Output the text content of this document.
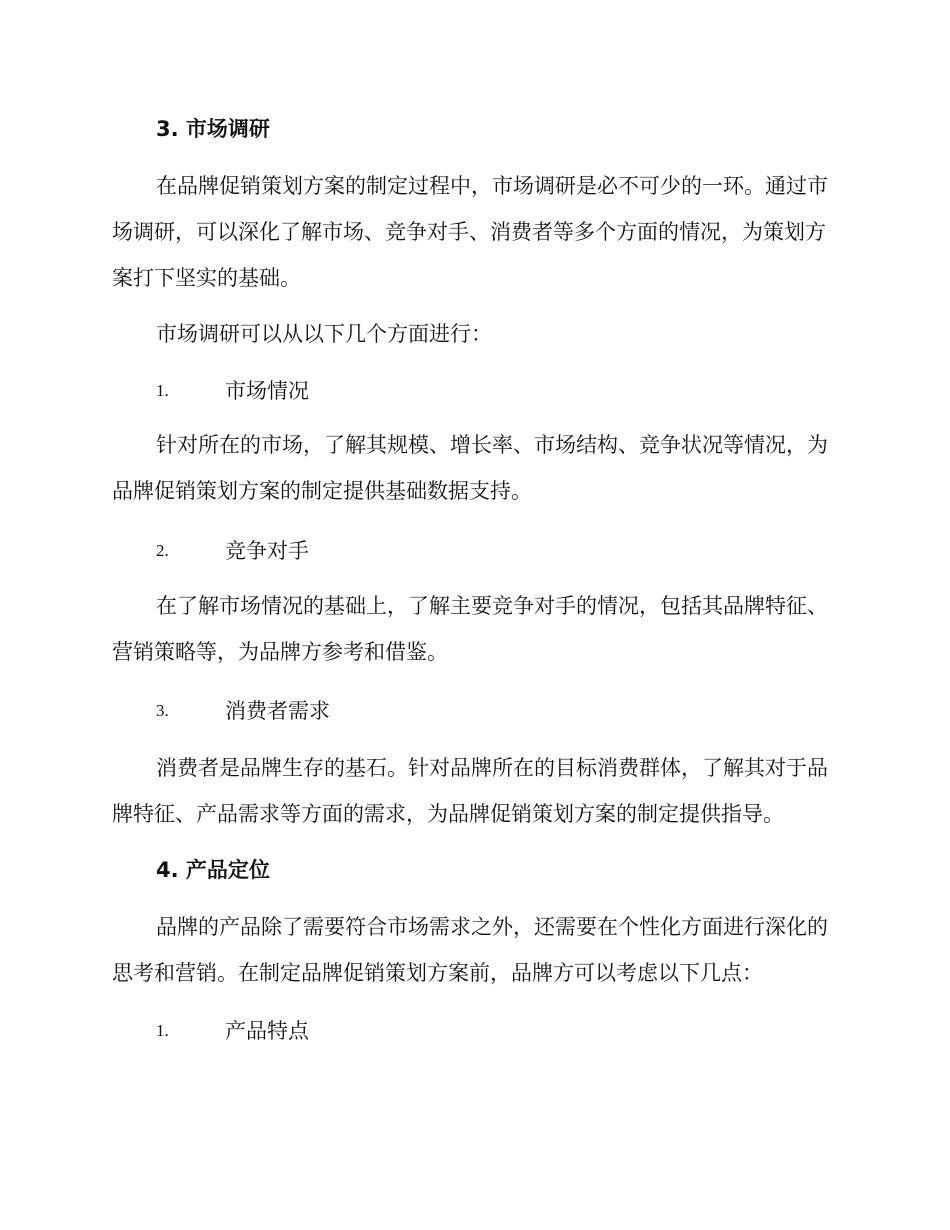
3. 市场调研

在品牌促销策划方案的制定过程中，市场调研是必不可少的一环。通过市场调研，可以深化了解市场、竞争对手、消费者等多个方面的情况，为策划方案打下坚实的基础。

市场调研可以从以下几个方面进行：

1.	市场情况

针对所在的市场，了解其规模、增长率、市场结构、竞争状况等情况，为品牌促销策划方案的制定提供基础数据支持。

2.	竞争对手

在了解市场情况的基础上，了解主要竞争对手的情况，包括其品牌特征、营销策略等，为品牌方参考和借鉴。

3.	消费者需求

消费者是品牌生存的基石。针对品牌所在的目标消费群体，了解其对于品牌特征、产品需求等方面的需求，为品牌促销策划方案的制定提供指导。

4. 产品定位

品牌的产品除了需要符合市场需求之外，还需要在个性化方面进行深化的思考和营销。在制定品牌促销策划方案前，品牌方可以考虑以下几点：

1.	产品特点
